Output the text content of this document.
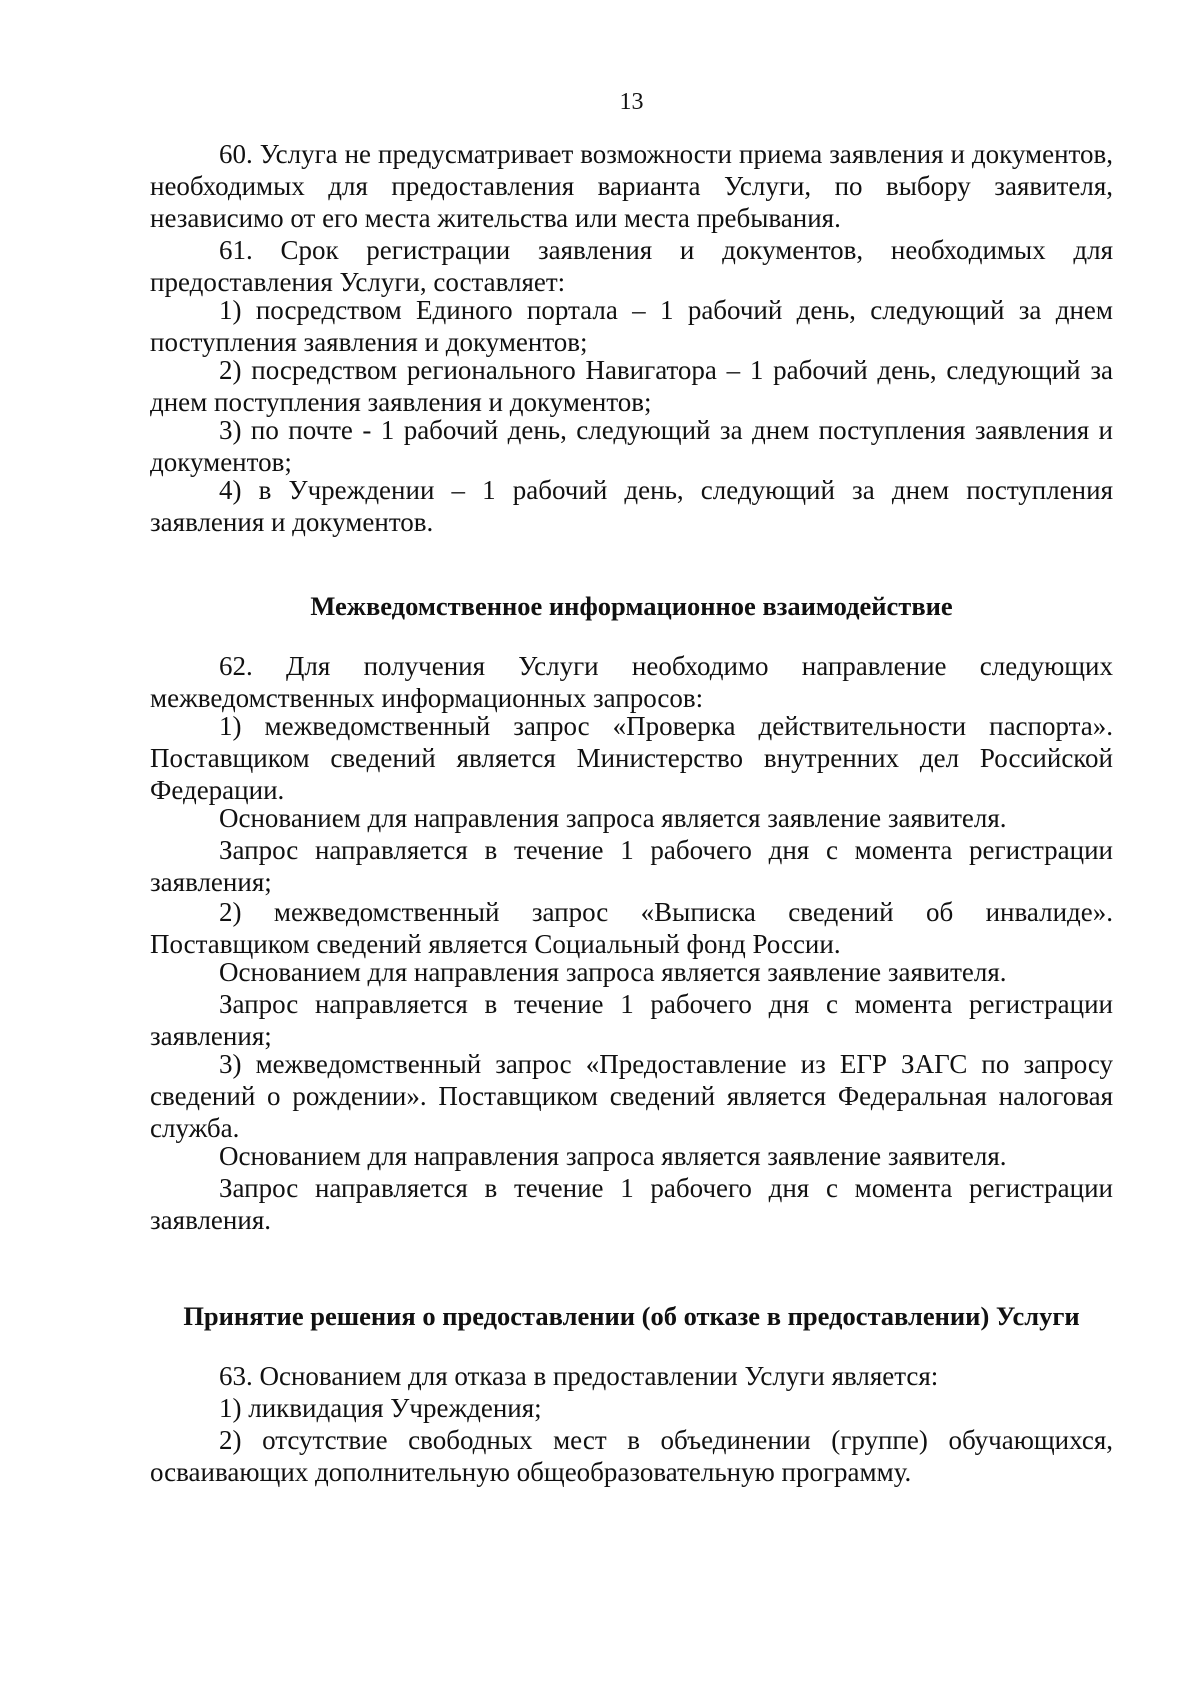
13

60. Услуга не предусматривает возможности приема заявления и документов, необходимых для предоставления варианта Услуги, по выбору заявителя, независимо от его места жительства или места пребывания.

61. Срок регистрации заявления и документов, необходимых для предоставления Услуги, составляет:

1) посредством Единого портала – 1 рабочий день, следующий за днем поступления заявления и документов;

2) посредством регионального Навигатора – 1 рабочий день, следующий за днем поступления заявления и документов;

3) по почте - 1 рабочий день, следующий за днем поступления заявления и документов;

4) в Учреждении – 1 рабочий день, следующий за днем поступления заявления и документов.

Межведомственное информационное взаимодействие

62. Для получения Услуги необходимо направление следующих межведомственных информационных запросов:

1) межведомственный запрос «Проверка действительности паспорта». Поставщиком сведений является Министерство внутренних дел Российской Федерации.

Основанием для направления запроса является заявление заявителя.

Запрос направляется в течение 1 рабочего дня с момента регистрации заявления;

2) межведомственный запрос «Выписка сведений об инвалиде». Поставщиком сведений является Социальный фонд России.

Основанием для направления запроса является заявление заявителя.

Запрос направляется в течение 1 рабочего дня с момента регистрации заявления;

3) межведомственный запрос «Предоставление из ЕГР ЗАГС по запросу сведений о рождении». Поставщиком сведений является Федеральная налоговая служба.

Основанием для направления запроса является заявление заявителя.

Запрос направляется в течение 1 рабочего дня с момента регистрации заявления.

Принятие решения о предоставлении (об отказе в предоставлении) Услуги

63. Основанием для отказа в предоставлении Услуги является:

1) ликвидация Учреждения;

2) отсутствие свободных мест в объединении (группе) обучающихся, осваивающих дополнительную общеобразовательную программу.
